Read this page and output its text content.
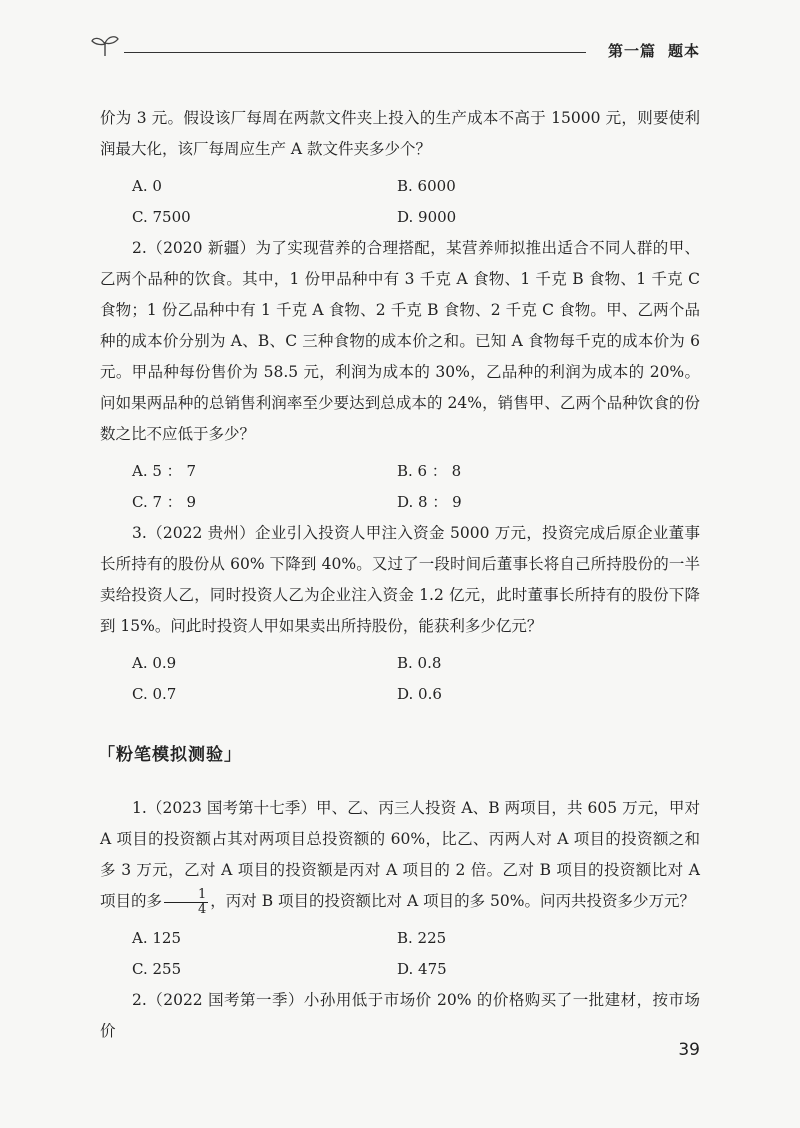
第一篇 题本

价为 3 元。假设该厂每周在两款文件夹上投入的生产成本不高于 15000 元，则要使利润最大化，该厂每周应生产 A 款文件夹多少个？

A. 0	B. 6000
C. 7500	D. 9000

2.（2020 新疆）为了实现营养的合理搭配，某营养师拟推出适合不同人群的甲、乙两个品种的饮食。其中，1 份甲品种中有 3 千克 A 食物、1 千克 B 食物、1 千克 C 食物；1 份乙品种中有 1 千克 A 食物、2 千克 B 食物、2 千克 C 食物。甲、乙两个品种的成本价分别为 A、B、C 三种食物的成本价之和。已知 A 食物每千克的成本价为 6 元。甲品种每份售价为 58.5 元，利润为成本的 30%，乙品种的利润为成本的 20%。问如果两品种的总销售利润率至少要达到总成本的 24%，销售甲、乙两个品种饮食的份数之比不应低于多少？

A. 5 ： 7	B. 6 ： 8
C. 7 ： 9	D. 8 ： 9

3.（2022 贵州）企业引入投资人甲注入资金 5000 万元，投资完成后原企业董事长所持有的股份从 60% 下降到 40%。又过了一段时间后董事长将自己所持股份的一半卖给投资人乙，同时投资人乙为企业注入资金 1.2 亿元，此时董事长所持有的股份下降到 15%。问此时投资人甲如果卖出所持股份，能获利多少亿元？

A. 0.9	B. 0.8
C. 0.7	D. 0.6
「粉笔模拟测验」

1.（2023 国考第十七季）甲、乙、丙三人投资 A、B 两项目，共 605 万元，甲对 A 项目的投资额占其对两项目总投资额的 60%，比乙、丙两人对 A 项目的投资额之和多 3 万元，乙对 A 项目的投资额是丙对 A 项目的 2 倍。乙对 B 项目的投资额比对 A 项目的多 $\frac{1}{4}$ ，丙对 B 项目的投资额比对 A 项目的多 50%。问丙共投资多少万元？

A. 125	B. 225
C. 255	D. 475

2.（2022 国考第一季）小孙用低于市场价 20% 的价格购买了一批建材，按市场价

39
